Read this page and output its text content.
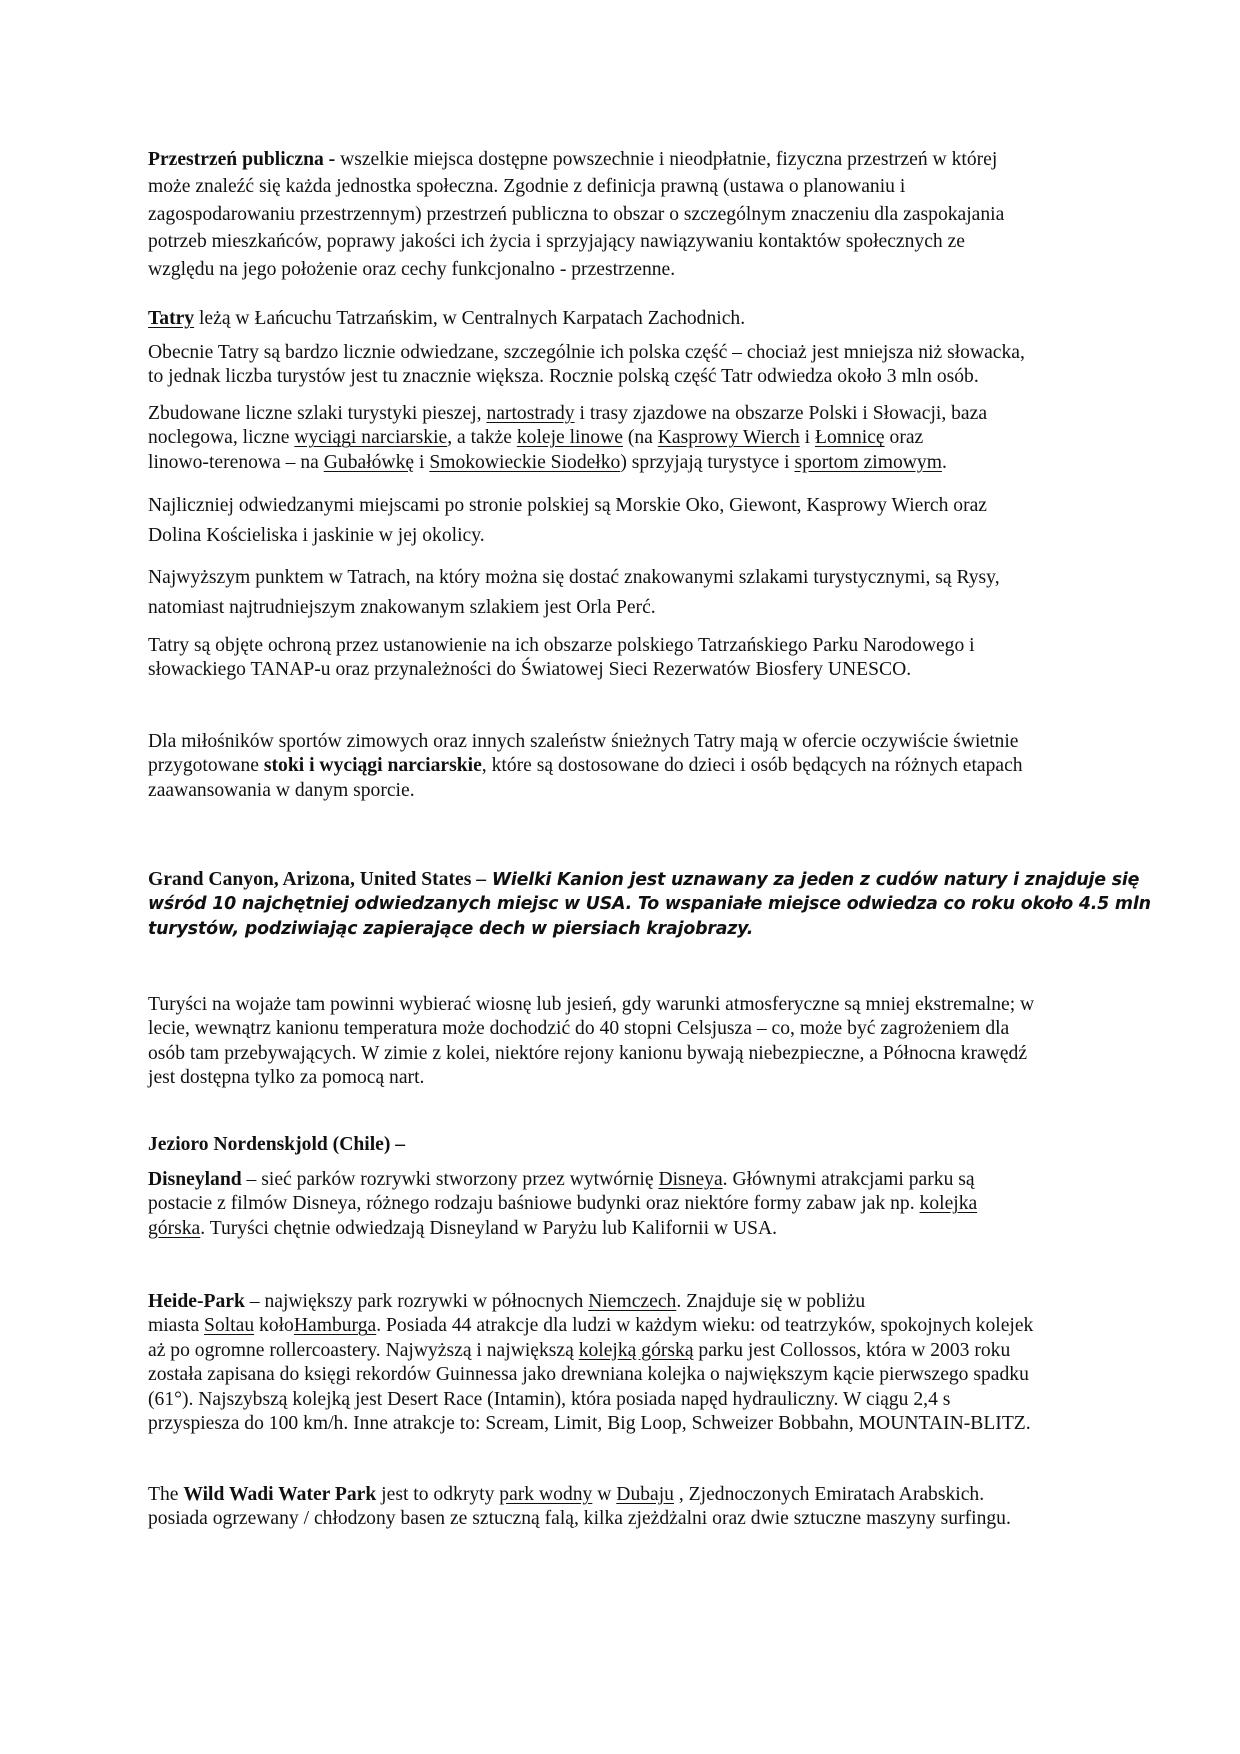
Przestrzeń publiczna - wszelkie miejsca dostępne powszechnie i nieodpłatnie, fizyczna przestrzeń w której
może znaleźć się każda jednostka społeczna. Zgodnie z definicja prawną (ustawa o planowaniu i
zagospodarowaniu przestrzennym) przestrzeń publiczna to obszar o szczególnym znaczeniu dla zaspokajania
potrzeb mieszkańców, poprawy jakości ich życia i sprzyjający nawiązywaniu kontaktów społecznych ze
względu na jego położenie oraz cechy funkcjonalno - przestrzenne.

Tatry leżą w Łańcuchu Tatrzańskim, w Centralnych Karpatach Zachodnich.

Obecnie Tatry są bardzo licznie odwiedzane, szczególnie ich polska część – chociaż jest mniejsza niż słowacka,
to jednak liczba turystów jest tu znacznie większa. Rocznie polską część Tatr odwiedza około 3 mln osób.

Zbudowane liczne szlaki turystyki pieszej, nartostrady i trasy zjazdowe na obszarze Polski i Słowacji, baza
noclegowa, liczne wyciągi narciarskie, a także koleje linowe (na Kasprowy Wierch i Łomnicę oraz
linowo-terenowa – na Gubałówkę i Smokowieckie Siodełko) sprzyjają turystyce i sportom zimowym.

Najliczniej odwiedzanymi miejscami po stronie polskiej są Morskie Oko, Giewont, Kasprowy Wierch oraz
Dolina Kościeliska i jaskinie w jej okolicy.

Najwyższym punktem w Tatrach, na który można się dostać znakowanymi szlakami turystycznymi, są Rysy,
natomiast najtrudniejszym znakowanym szlakiem jest Orla Perć.

Tatry są objęte ochroną przez ustanowienie na ich obszarze polskiego Tatrzańskiego Parku Narodowego i
słowackiego TANAP-u oraz przynależności do Światowej Sieci Rezerwatów Biosfery UNESCO.

Dla miłośników sportów zimowych oraz innych szaleństw śnieżnych Tatry mają w ofercie oczywiście świetnie
przygotowane stoki i wyciągi narciarskie, które są dostosowane do dzieci i osób będących na różnych etapach
zaawansowania w danym sporcie.

Grand Canyon, Arizona, United States – Wielki Kanion jest uznawany za jeden z cudów natury i znajduje się
wśród 10 najchętniej odwiedzanych miejsc w USA. To wspaniałe miejsce odwiedza co roku około 4.5 mln
turystów, podziwiając zapierające dech w piersiach krajobrazy.

Turyści na wojaże tam powinni wybierać wiosnę lub jesień, gdy warunki atmosferyczne są mniej ekstremalne; w
lecie, wewnątrz kanionu temperatura może dochodzić do 40 stopni Celsjusza – co, może być zagrożeniem dla
osób tam przebywających. W zimie z kolei, niektóre rejony kanionu bywają niebezpieczne, a Północna krawędź
jest dostępna tylko za pomocą nart.

Jezioro Nordenskjold (Chile) –

Disneyland – sieć parków rozrywki stworzony przez wytwórnię Disneya. Głównymi atrakcjami parku są
postacie z filmów Disneya, różnego rodzaju baśniowe budynki oraz niektóre formy zabaw jak np. kolejka
górska. Turyści chętnie odwiedzają Disneyland w Paryżu lub Kalifornii w USA.

Heide-Park – największy park rozrywki w północnych Niemczech. Znajduje się w pobliżu
miasta Soltau kołoHamburga. Posiada 44 atrakcje dla ludzi w każdym wieku: od teatrzyków, spokojnych kolejek
aż po ogromne rollercoastery. Najwyższą i największą kolejką górską parku jest Collossos, która w 2003 roku
została zapisana do księgi rekordów Guinnessa jako drewniana kolejka o największym kącie pierwszego spadku
(61°). Najszybszą kolejką jest Desert Race (Intamin), która posiada napęd hydrauliczny. W ciągu 2,4 s
przyspiesza do 100 km/h. Inne atrakcje to: Scream, Limit, Big Loop, Schweizer Bobbahn, MOUNTAIN-BLITZ.

The Wild Wadi Water Park jest to odkryty park wodny w Dubaju , Zjednoczonych Emiratach Arabskich.
posiada ogrzewany / chłodzony basen ze sztuczną falą, kilka zjeżdżalni oraz dwie sztuczne maszyny surfingu.
